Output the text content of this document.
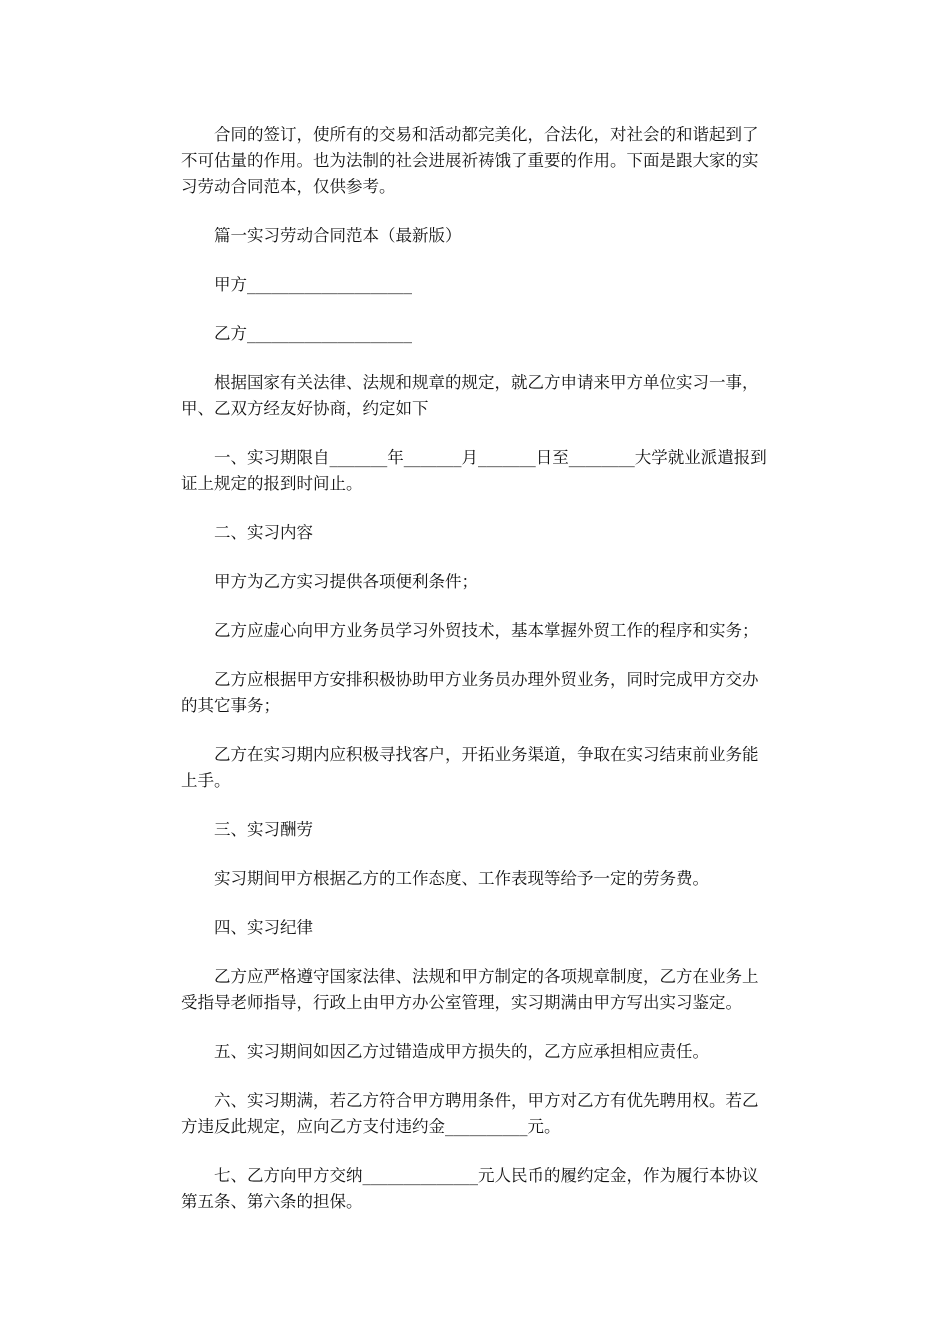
合同的签订，使所有的交易和活动都完美化，合法化，对社会的和谐起到了不可估量的作用。也为法制的社会进展祈祷饿了重要的作用。下面是跟大家的实习劳动合同范本，仅供参考。

篇一实习劳动合同范本（最新版）

甲方____________________

乙方____________________

根据国家有关法律、法规和规章的规定，就乙方申请来甲方单位实习一事，甲、乙双方经友好协商，约定如下

一、实习期限自_______年_______月_______日至________大学就业派遣报到证上规定的报到时间止。

二、实习内容

甲方为乙方实习提供各项便利条件；

乙方应虚心向甲方业务员学习外贸技术，基本掌握外贸工作的程序和实务；

乙方应根据甲方安排积极协助甲方业务员办理外贸业务，同时完成甲方交办的其它事务；

乙方在实习期内应积极寻找客户，开拓业务渠道，争取在实习结束前业务能上手。

三、实习酬劳

实习期间甲方根据乙方的工作态度、工作表现等给予一定的劳务费。

四、实习纪律

乙方应严格遵守国家法律、法规和甲方制定的各项规章制度，乙方在业务上受指导老师指导，行政上由甲方办公室管理，实习期满由甲方写出实习鉴定。

五、实习期间如因乙方过错造成甲方损失的，乙方应承担相应责任。

六、实习期满，若乙方符合甲方聘用条件，甲方对乙方有优先聘用权。若乙方违反此规定，应向乙方支付违约金__________元。

七、乙方向甲方交纳______________元人民币的履约定金，作为履行本协议第五条、第六条的担保。
